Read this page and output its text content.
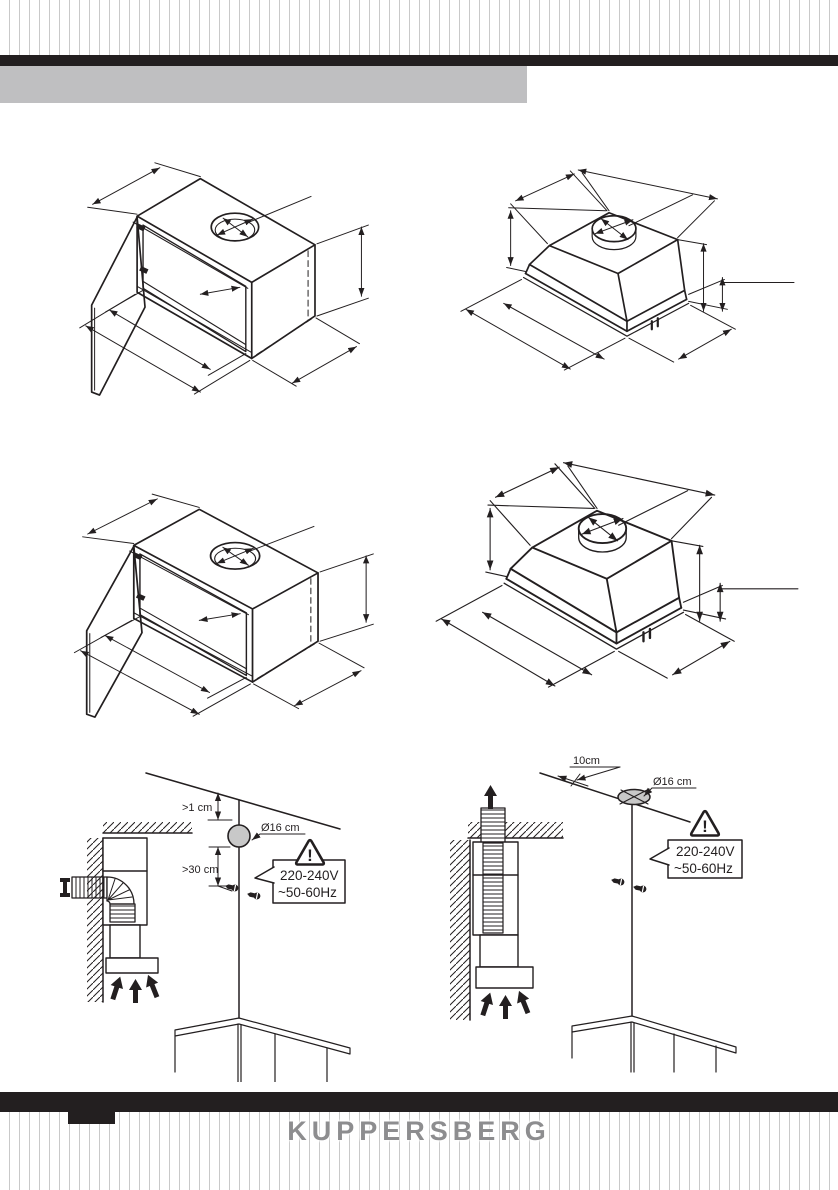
>1 cm
Ø16 cm
>30 cm
!
220-240V
~50-60Hz
10cm
Ø16 cm
!
220-240V
~50-60Hz
KUPPERSBERG
